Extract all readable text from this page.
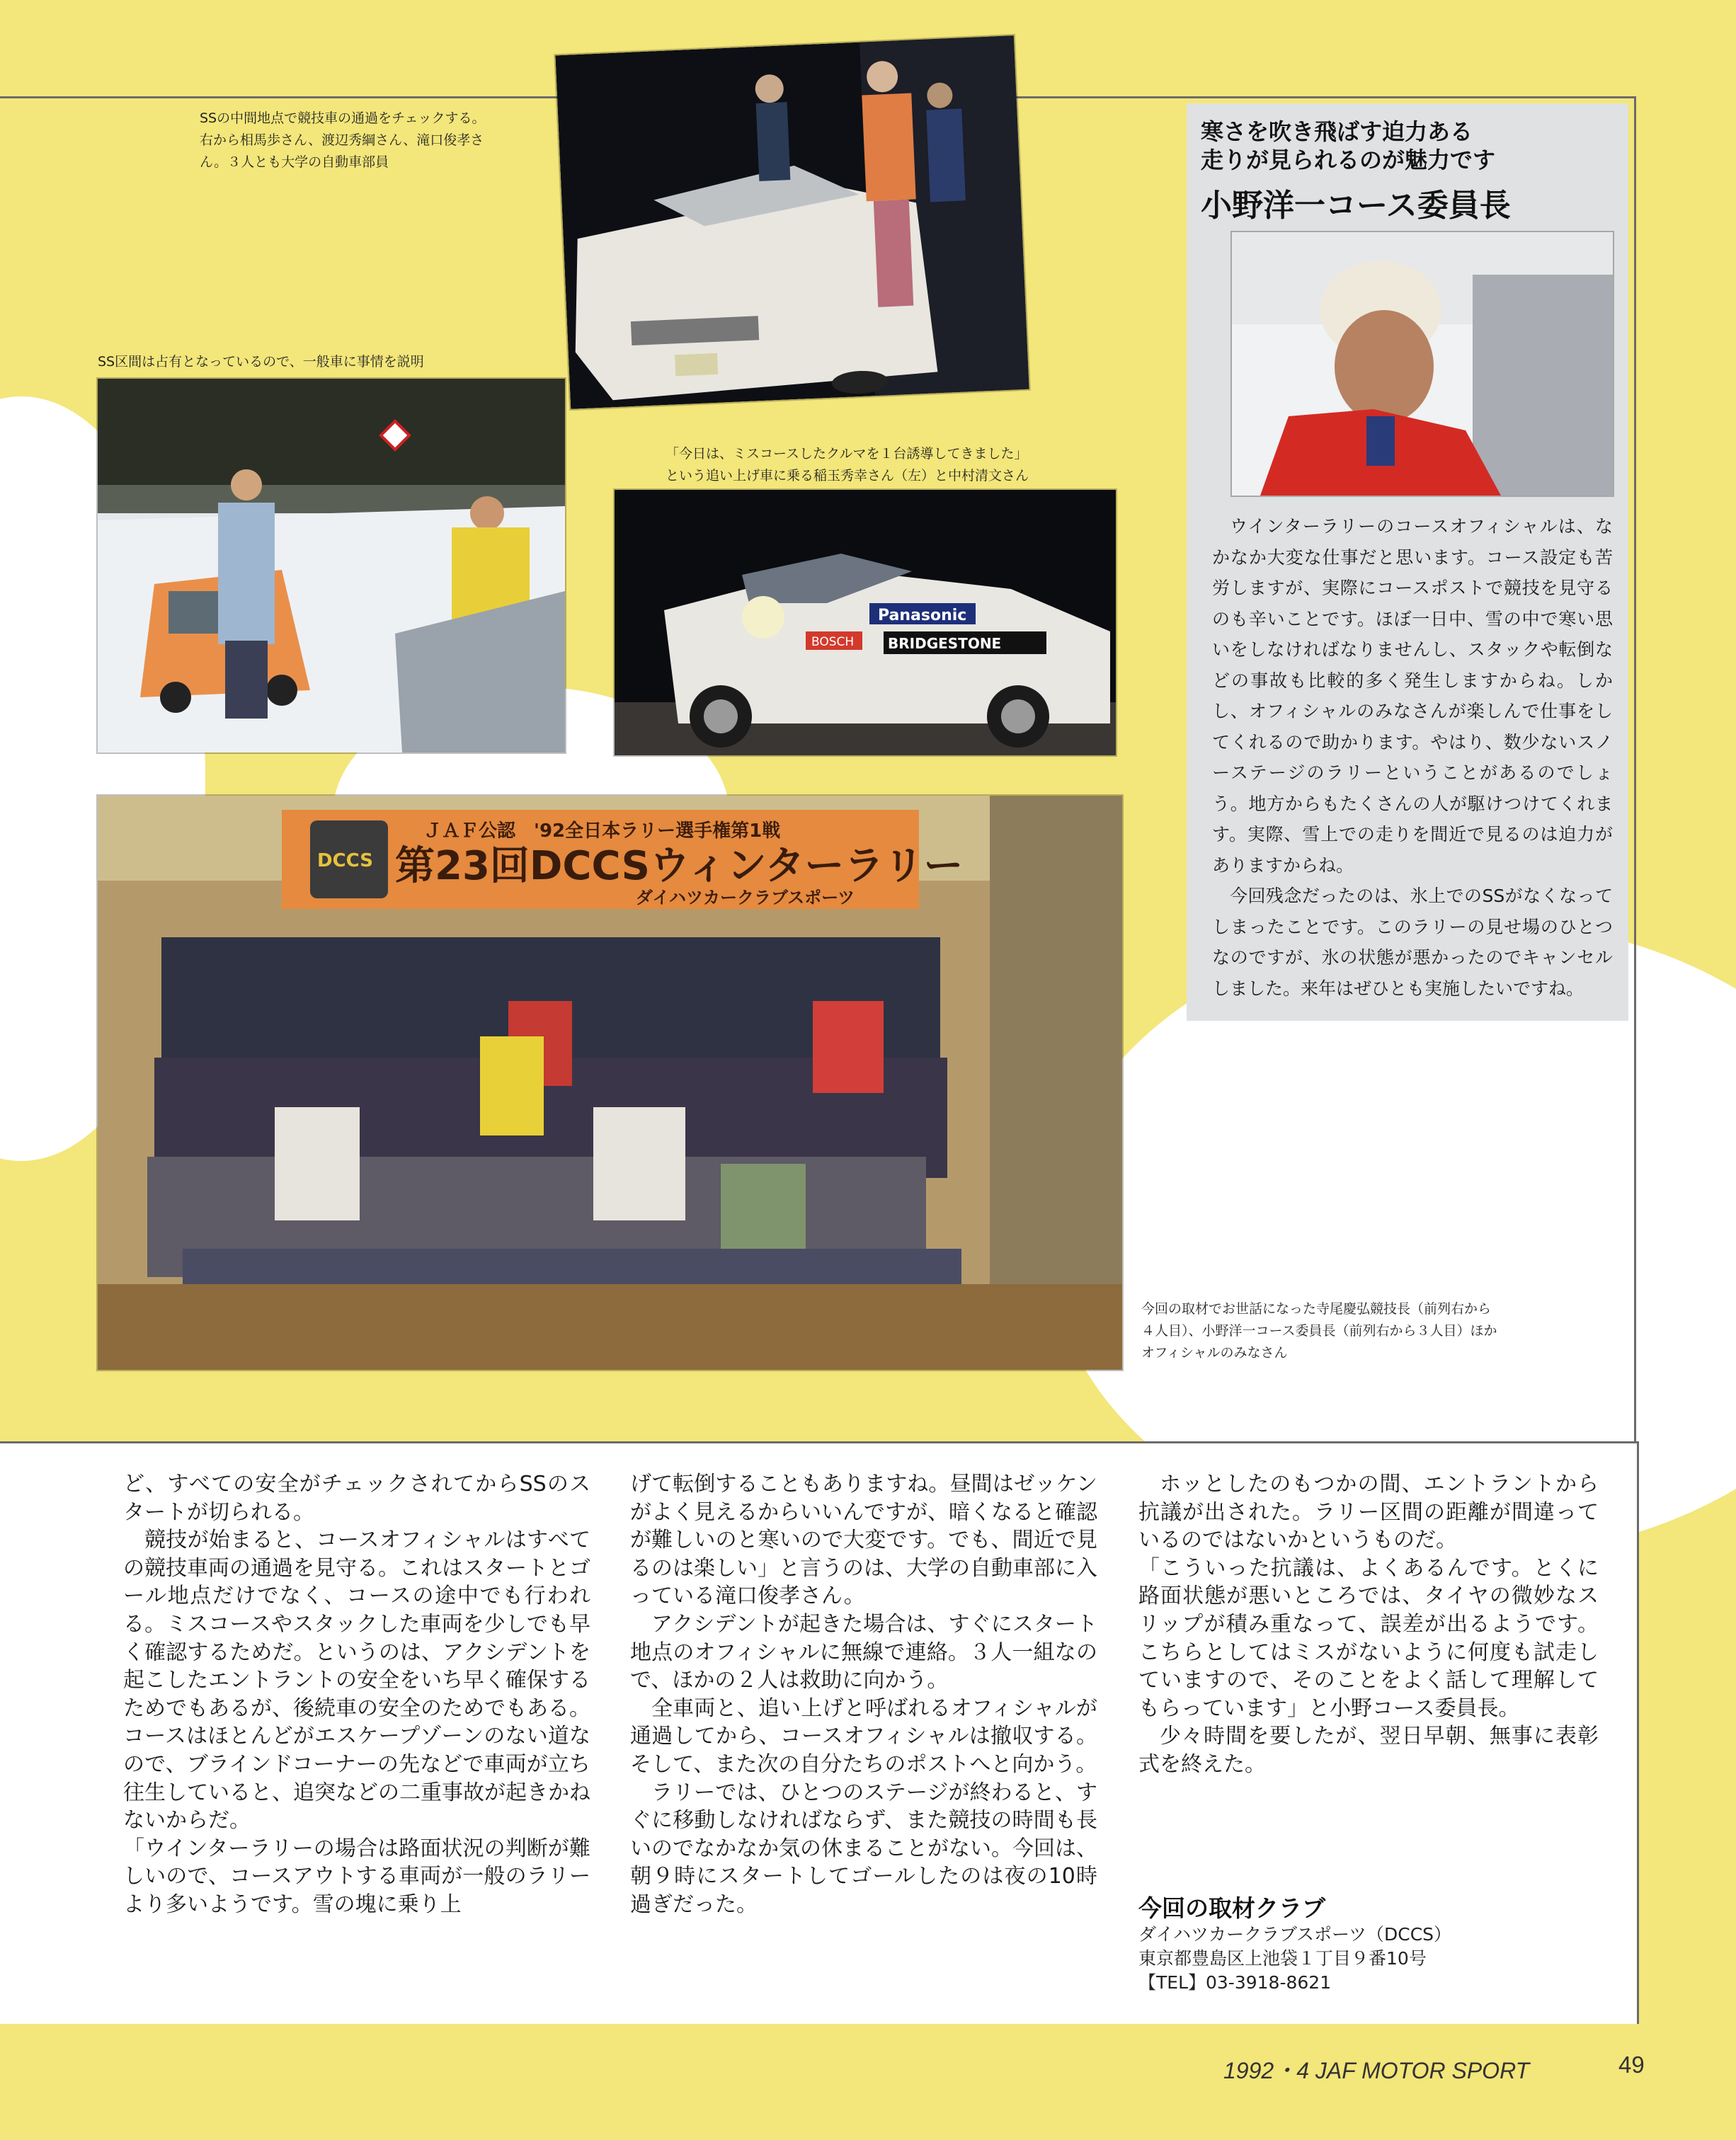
Panasonic
BRIDGESTONE
BOSCH
DCCS
ＪＡＦ公認　'92全日本ラリー選手権第1戦
第23回DCCSウィンターラリー
ダイハツカークラブスポーツ
SSの中間地点で競技車の通過をチェックする。
右から相馬歩さん、渡辺秀綱さん、滝口俊孝さ
ん。３人とも大学の自動車部員
SS区間は占有となっているので、一般車に事情を説明
「今日は、ミスコースしたクルマを１台誘導してきました」
という追い上げ車に乗る稲玉秀幸さん（左）と中村清文さん
今回の取材でお世話になった寺尾慶弘競技長（前列右から
４人目）、小野洋一コース委員長（前列右から３人目）ほか
オフィシャルのみなさん
寒さを吹き飛ばす迫力ある
走りが見られるのが魅力です
小野洋一コース委員長

ウインターラリーのコースオフィシャルは、なかなか大変な仕事だと思います。コース設定も苦労しますが、実際にコースポストで競技を見守るのも辛いことです。ほぼ一日中、雪の中で寒い思いをしなければなりませんし、スタックや転倒などの事故も比較的多く発生しますからね。しかし、オフィシャルのみなさんが楽しんで仕事をしてくれるので助かります。やはり、数少ないスノーステージのラリーということがあるのでしょう。地方からもたくさんの人が駆けつけてくれます。実際、雪上での走りを間近で見るのは迫力がありますからね。

今回残念だったのは、氷上でのSSがなくなってしまったことです。このラリーの見せ場のひとつなのですが、氷の状態が悪かったのでキャンセルしました。来年はぜひとも実施したいですね。

ど、すべての安全がチェックされてからSSのスタートが切られる。

競技が始まると、コースオフィシャルはすべての競技車両の通過を見守る。これはスタートとゴール地点だけでなく、コースの途中でも行われる。ミスコースやスタックした車両を少しでも早く確認するためだ。というのは、アクシデントを起こしたエントラントの安全をいち早く確保するためでもあるが、後続車の安全のためでもある。コースはほとんどがエスケープゾーンのない道なので、ブラインドコーナーの先などで車両が立ち往生していると、追突などの二重事故が起きかねないからだ。

「ウインターラリーの場合は路面状況の判断が難しいので、コースアウトする車両が一般のラリーより多いようです。雪の塊に乗り上

げて転倒することもありますね。昼間はゼッケンがよく見えるからいいんですが、暗くなると確認が難しいのと寒いので大変です。でも、間近で見るのは楽しい」と言うのは、大学の自動車部に入っている滝口俊孝さん。

アクシデントが起きた場合は、すぐにスタート地点のオフィシャルに無線で連絡。３人一組なので、ほかの２人は救助に向かう。

全車両と、追い上げと呼ばれるオフィシャルが通過してから、コースオフィシャルは撤収する。そして、また次の自分たちのポストへと向かう。

ラリーでは、ひとつのステージが終わると、すぐに移動しなければならず、また競技の時間も長いのでなかなか気の休まることがない。今回は、朝９時にスタートしてゴールしたのは夜の10時過ぎだった。

ホッとしたのもつかの間、エントラントから抗議が出された。ラリー区間の距離が間違っているのではないかというものだ。

「こういった抗議は、よくあるんです。とくに路面状態が悪いところでは、タイヤの微妙なスリップが積み重なって、誤差が出るようです。こちらとしてはミスがないように何度も試走していますので、そのことをよく話して理解してもらっています」と小野コース委員長。

少々時間を要したが、翌日早朝、無事に表彰式を終えた。

今回の取材クラブ
ダイハツカークラブスポーツ（DCCS）
東京都豊島区上池袋１丁目９番10号
【TEL】03-3918-8621
1992・4 JAF MOTOR SPORT	49
